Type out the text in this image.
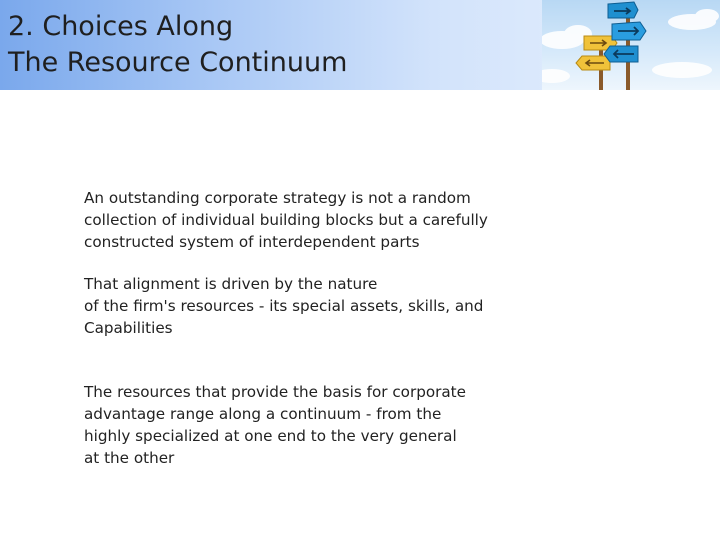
2. Choices Along
The Resource Continuum
An outstanding corporate strategy is not a random
collection of individual building blocks but a carefully
constructed system of interdependent parts
That alignment is driven by the nature
of the firm's resources - its special assets, skills, and
Capabilities
The resources that provide the basis for corporate
advantage range along a continuum - from the
highly specialized at one end to the very general
at the other
